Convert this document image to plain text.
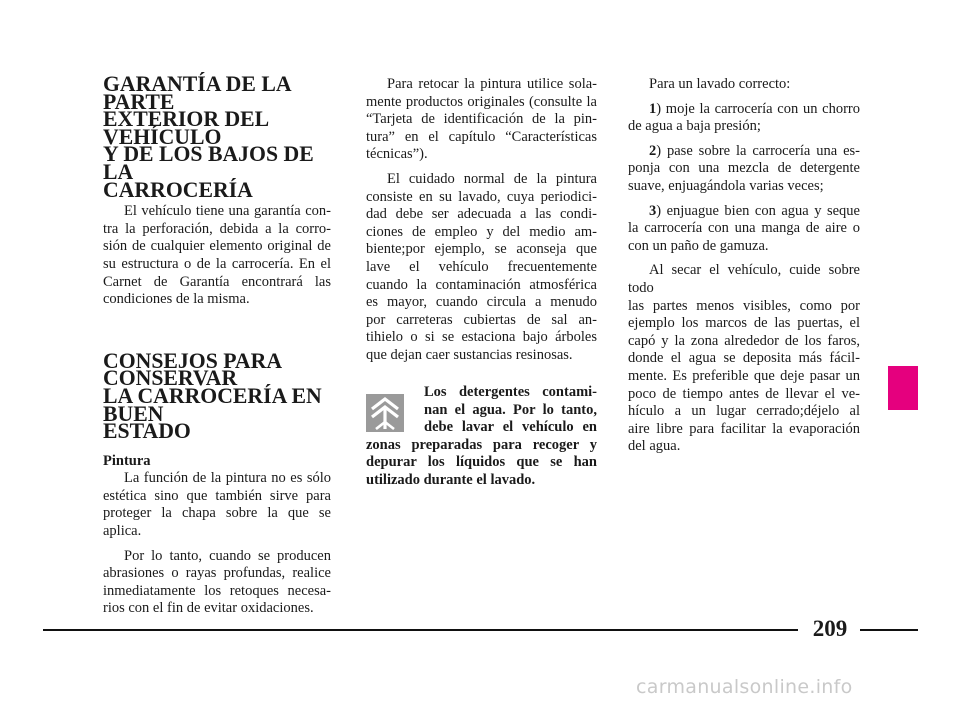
GARANTÍA DE LA PARTE
EXTERIOR DEL VEHÍCULO
Y DE LOS BAJOS DE LA
CARROCERÍA

El vehículo tiene una garantía con-tra la perforación, debida a la corro-sión de cualquier elemento original de su estructura o de la carrocería. En el Carnet de Garantía encontrará las condiciones de la misma.

CONSEJOS PARA CONSERVAR
LA CARROCERÍA EN BUEN
ESTADO

Pintura

La función de la pintura no es sólo estética sino que también sirve para proteger la chapa sobre la que se aplica.

Por lo tanto, cuando se producen abrasiones o rayas profundas, realice inmediatamente los retoques necesa-rios con el fin de evitar oxidaciones.

Para retocar la pintura utilice sola-mente productos originales (consulte la “Tarjeta de identificación de la pin-tura” en el capítulo “Características técnicas”).

El cuidado normal de la pintura
consiste en su lavado, cuya periodici-
dad debe ser adecuada a las condi-
ciones de empleo y del medio am-
biente;por ejemplo, se aconseja que
lave el vehículo frecuentemente
cuando la contaminación atmosférica
es mayor, cuando circula a menudo
por carreteras cubiertas de sal an-
tihielo o si se estaciona bajo árboles
que dejan caer sustancias resinosas.

Los detergentes contami-
nan el agua. Por lo tanto,
debe lavar el vehículo en
zonas preparadas para recoger y
depurar los líquidos que se han
utilizado durante el lavado.

Para un lavado correcto:

1) moje la carrocería con un chorro de agua a baja presión;

2) pase sobre la carrocería una es-ponja con una mezcla de detergente suave, enjuagándola varias veces;

3) enjuague bien con agua y seque la carrocería con una manga de aire o con un paño de gamuza.

Al secar el vehículo, cuide sobre todo
las partes menos visibles, como por
ejemplo los marcos de las puertas, el
capó y la zona alrededor de los faros,
donde el agua se deposita más fácil-
mente. Es preferible que deje pasar un
poco de tiempo antes de llevar el ve-
hículo a un lugar cerrado;déjelo al
aire libre para facilitar la evaporación
del agua.

209
carmanualsonline.info
